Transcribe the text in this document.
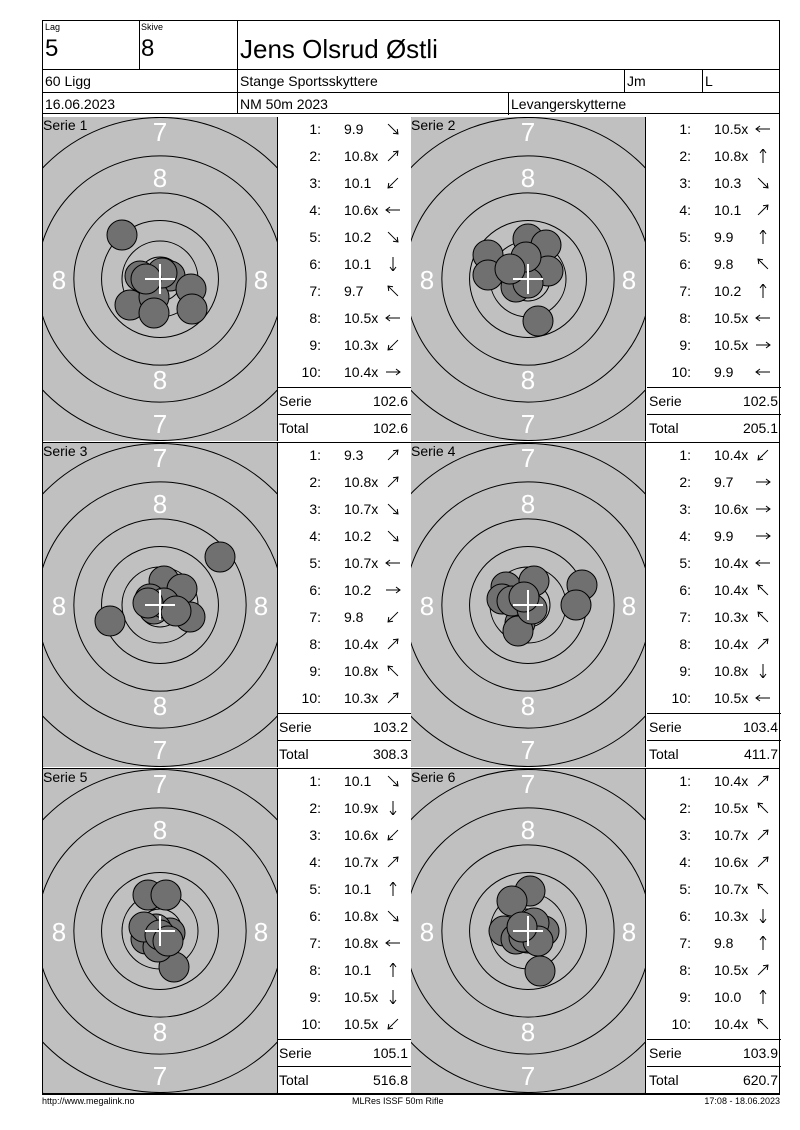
Lag
5
Skive
8	Jens Olsrud Østli
60 Ligg	Stange Sportsskyttere	Jm	L
16.06.2023	NM 50m 2023	Levangerskytterne
7
8
8
7
8	8
Serie 1	1: 9.9
2: 10.8x
3: 10.1
4: 10.6x
5: 10.2
6: 10.1
7: 9.7
8: 10.5x
9: 10.3x
10: 10.4x
Serie	102.6
Total	102.6
7
8
8
7
8	8
Serie 2	1: 10.5x
2: 10.8x
3: 10.3
4: 10.1
5: 9.9
6: 9.8
7: 10.2
8: 10.5x
9: 10.5x
10: 9.9
Serie	102.5
Total	205.1
7
8
8
7
8	8
Serie 3	1: 9.3
2: 10.8x
3: 10.7x
4: 10.2
5: 10.7x
6: 10.2
7: 9.8
8: 10.4x
9: 10.8x
10: 10.3x
Serie	103.2
Total	308.3
7
8
8
7
8	8
Serie 4	1: 10.4x
2: 9.7
3: 10.6x
4: 9.9
5: 10.4x
6: 10.4x
7: 10.3x
8: 10.4x
9: 10.8x
10: 10.5x
Serie	103.4
Total	411.7
7
8
8
7
8	8
Serie 5	1: 10.1
2: 10.9x
3: 10.6x
4: 10.7x
5: 10.1
6: 10.8x
7: 10.8x
8: 10.1
9: 10.5x
10: 10.5x
Serie	105.1
Total	516.8
7
8
8
7
8	8
Serie 6	1: 10.4x
2: 10.5x
3: 10.7x
4: 10.6x
5: 10.7x
6: 10.3x
7: 9.8
8: 10.5x
9: 10.0
10: 10.4x
Serie	103.9
Total	620.7
http://www.megalink.no	MLRes ISSF 50m Rifle	17:08 - 18.06.2023
